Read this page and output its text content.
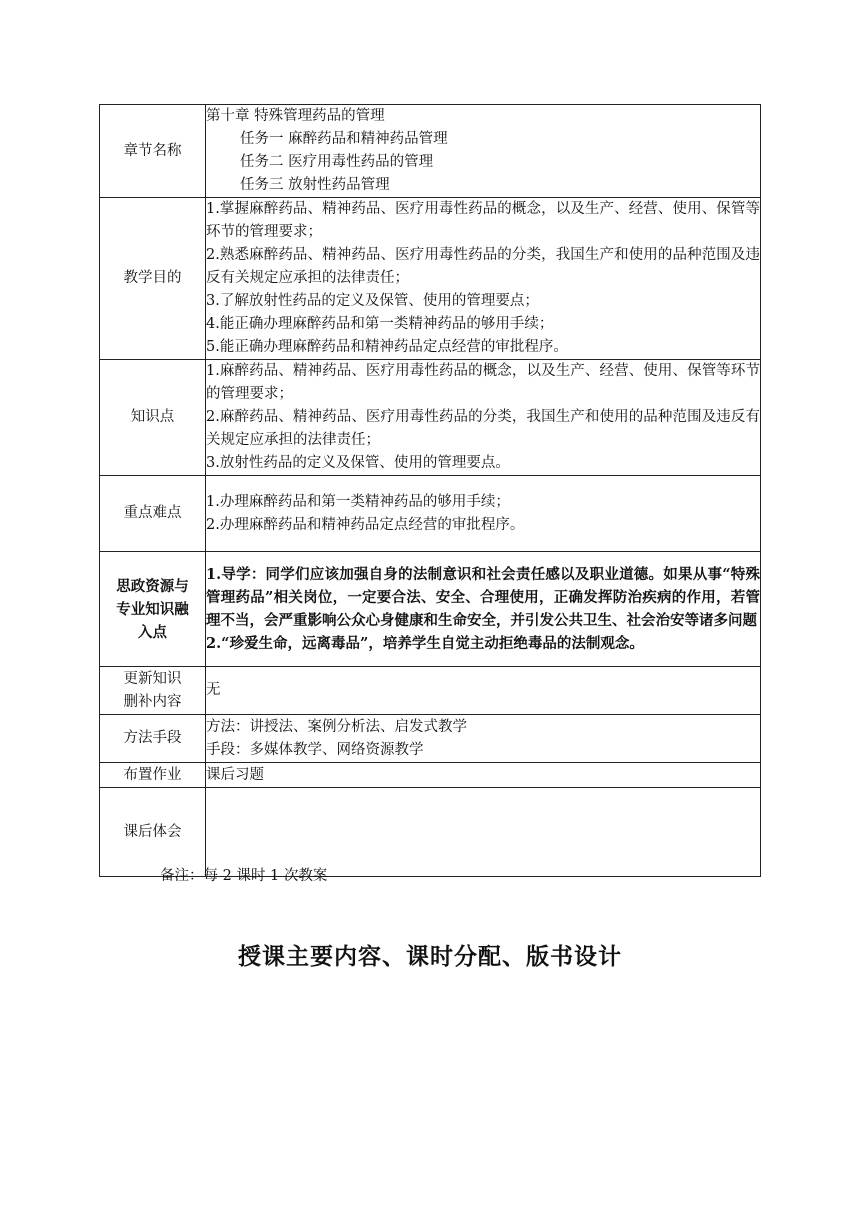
章节名称	第十章 特殊管理药品的管理
任务一 麻醉药品和精神药品管理
任务二 医疗用毒性药品的管理
任务三 放射性药品管理

教学目的	1.掌握麻醉药品、精神药品、医疗用毒性药品的概念，以及生产、经营、使用、保管等环节的管理要求；
2.熟悉麻醉药品、精神药品、医疗用毒性药品的分类，我国生产和使用的品种范围及违反有关规定应承担的法律责任；
3.了解放射性药品的定义及保管、使用的管理要点；
4.能正确办理麻醉药品和第一类精神药品的够用手续；
5.能正确办理麻醉药品和精神药品定点经营的审批程序。

知识点	1.麻醉药品、精神药品、医疗用毒性药品的概念，以及生产、经营、使用、保管等环节的管理要求；
2.麻醉药品、精神药品、医疗用毒性药品的分类，我国生产和使用的品种范围及违反有关规定应承担的法律责任；
3.放射性药品的定义及保管、使用的管理要点。

重点难点	1.办理麻醉药品和第一类精神药品的够用手续；
2.办理麻醉药品和精神药品定点经营的审批程序。

思政资源与
专业知识融
入点	1.导学：同学们应该加强自身的法制意识和社会责任感以及职业道德。如果从事“特殊管理药品”相关岗位，一定要合法、安全、合理使用，正确发挥防治疾病的作用，若管理不当，会严重影响公众心身健康和生命安全，并引发公共卫生、社会治安等诸多问题
2.“珍爱生命，远离毒品”，培养学生自觉主动拒绝毒品的法制观念。

更新知识
删补内容	无
方法手段	方法：讲授法、案例分析法、启发式教学
手段：多媒体教学、网络资源教学

布置作业	课后习题
课后体会	
备注：每 2 课时 1 次教案
授课主要内容、课时分配、版书设计
